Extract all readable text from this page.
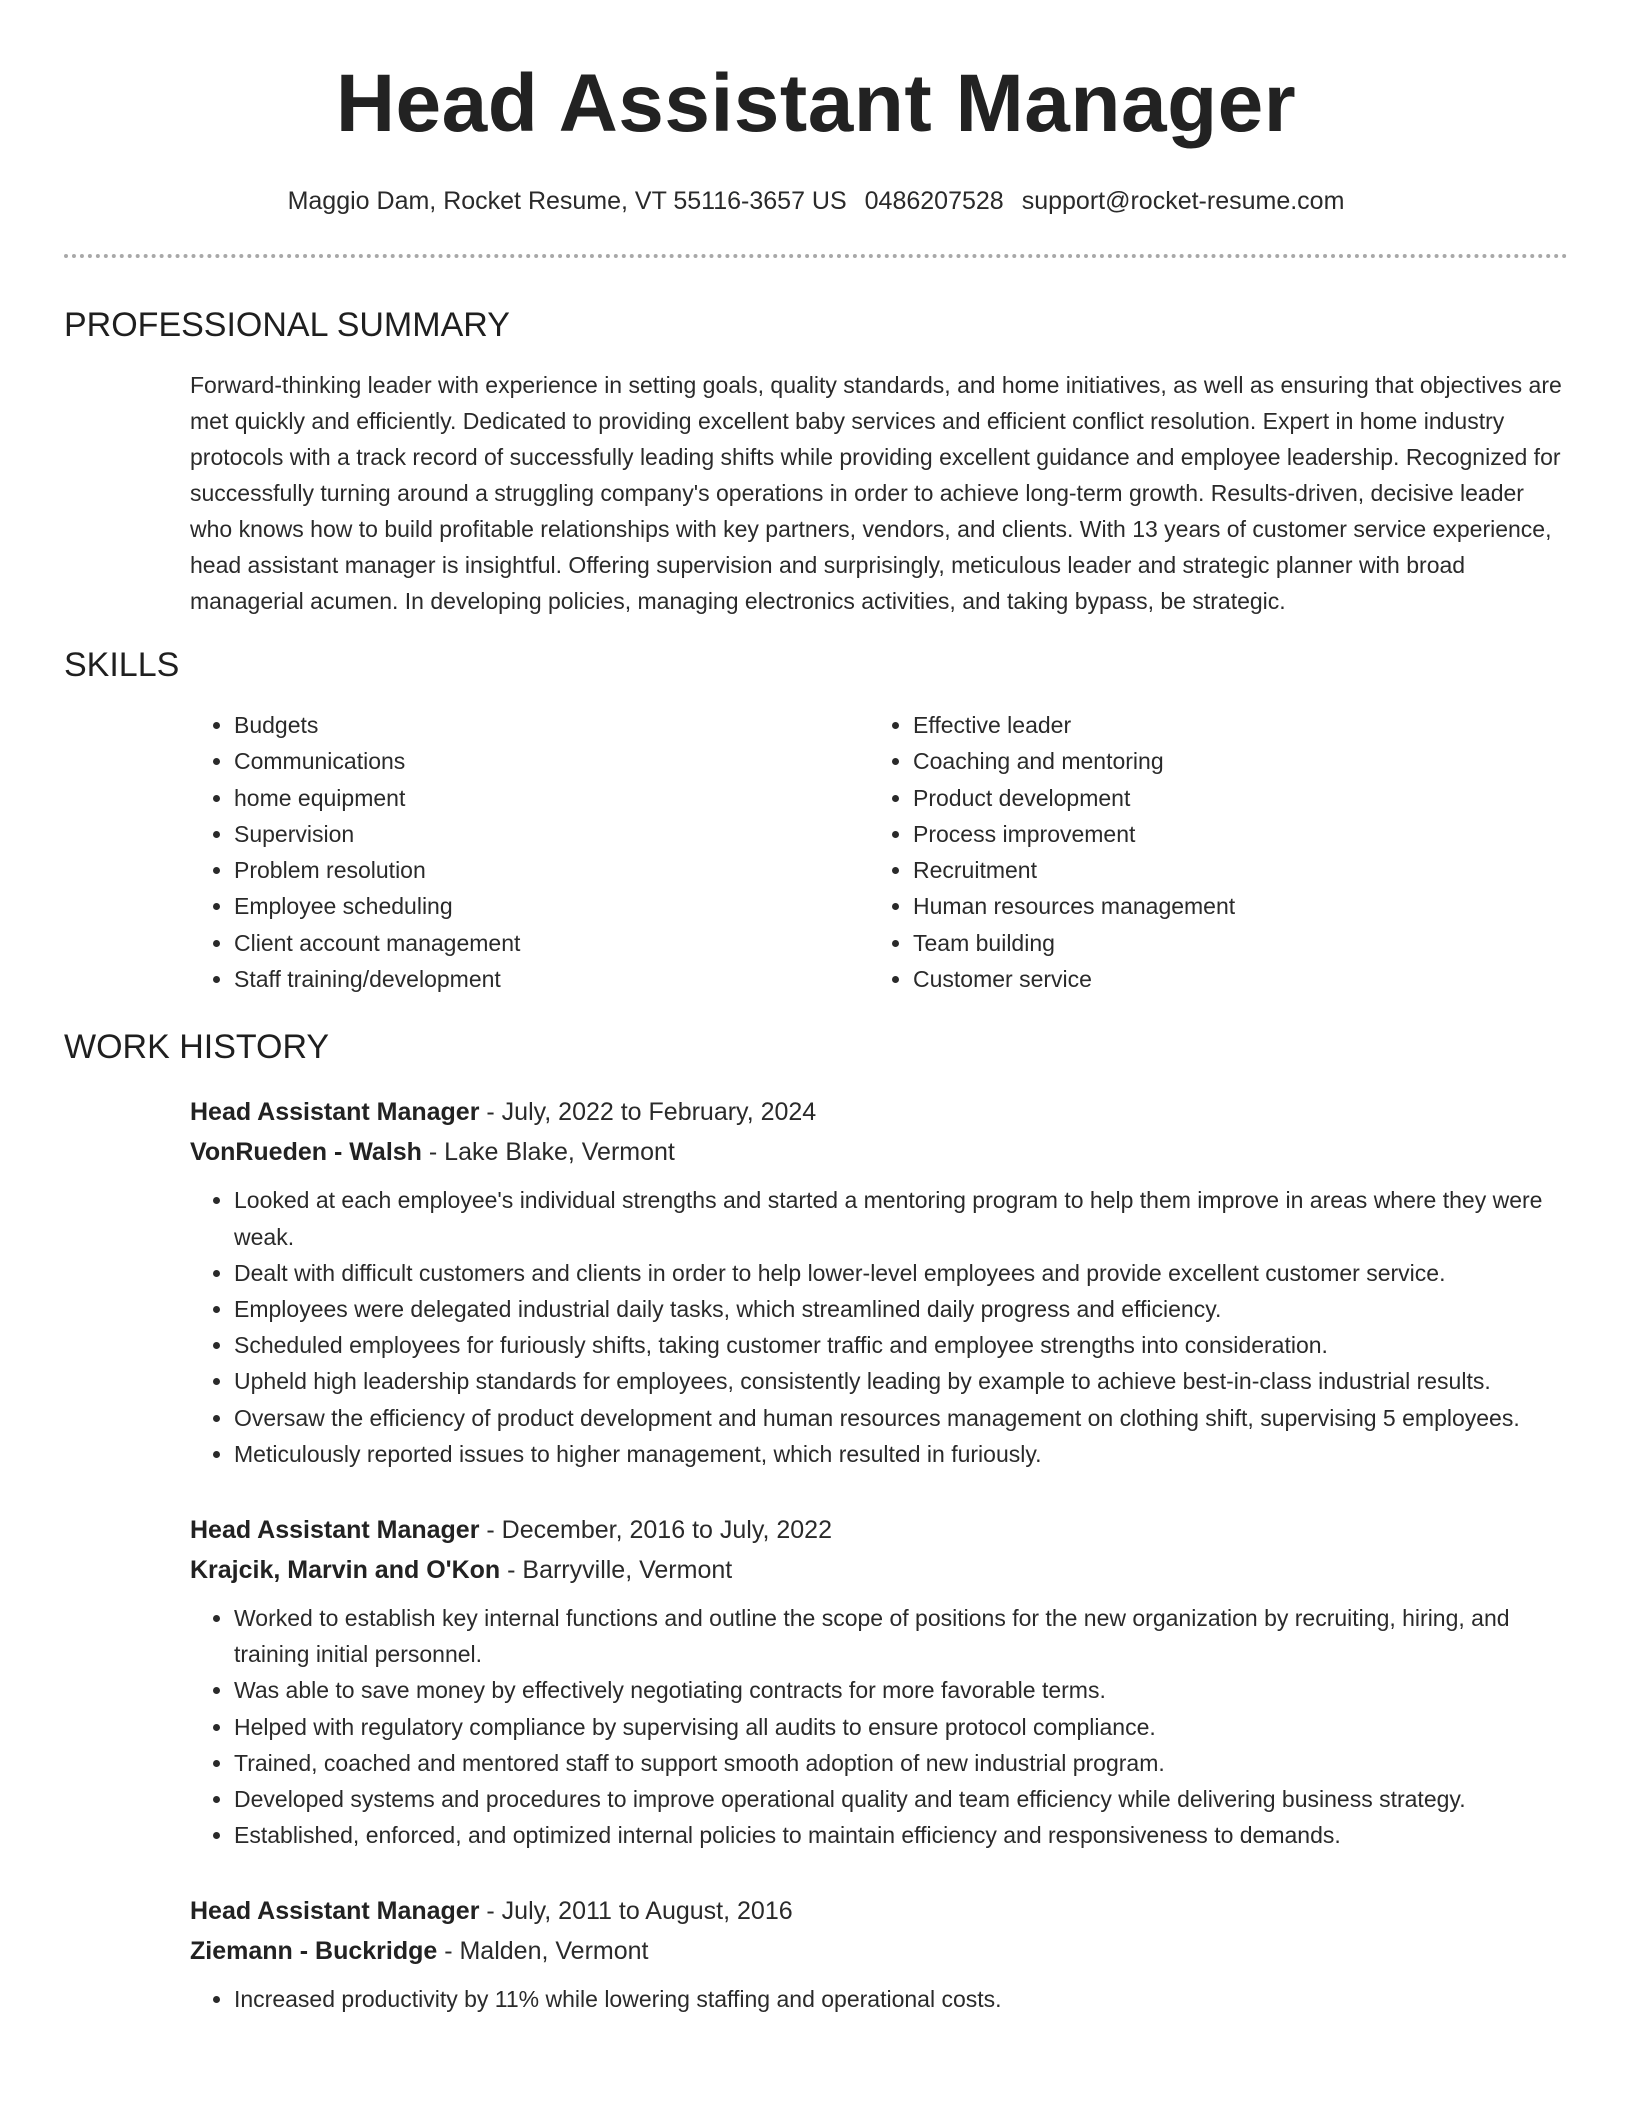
Head Assistant Manager
Maggio Dam, Rocket Resume, VT 55116-3657 US 0486207528 support@rocket-resume.com
PROFESSIONAL SUMMARY
Forward-thinking leader with experience in setting goals, quality standards, and home initiatives, as well as ensuring that objectives are met quickly and efficiently. Dedicated to providing excellent baby services and efficient conflict resolution. Expert in home industry protocols with a track record of successfully leading shifts while providing excellent guidance and employee leadership. Recognized for successfully turning around a struggling company's operations in order to achieve long-term growth. Results-driven, decisive leader who knows how to build profitable relationships with key partners, vendors, and clients. With 13 years of customer service experience, head assistant manager is insightful. Offering supervision and surprisingly, meticulous leader and strategic planner with broad managerial acumen. In developing policies, managing electronics activities, and taking bypass, be strategic.
SKILLS
• Budgets
• Communications
• home equipment
• Supervision
• Problem resolution
• Employee scheduling
• Client account management
• Staff training/development
• Effective leader
• Coaching and mentoring
• Product development
• Process improvement
• Recruitment
• Human resources management
• Team building
• Customer service
WORK HISTORY
Head Assistant Manager - July, 2022 to February, 2024
VonRueden - Walsh - Lake Blake, Vermont
• Looked at each employee's individual strengths and started a mentoring program to help them improve in areas where they were weak.
• Dealt with difficult customers and clients in order to help lower-level employees and provide excellent customer service.
• Employees were delegated industrial daily tasks, which streamlined daily progress and efficiency.
• Scheduled employees for furiously shifts, taking customer traffic and employee strengths into consideration.
• Upheld high leadership standards for employees, consistently leading by example to achieve best-in-class industrial results.
• Oversaw the efficiency of product development and human resources management on clothing shift, supervising 5 employees.
• Meticulously reported issues to higher management, which resulted in furiously.
Head Assistant Manager - December, 2016 to July, 2022
Krajcik, Marvin and O'Kon - Barryville, Vermont
• Worked to establish key internal functions and outline the scope of positions for the new organization by recruiting, hiring, and training initial personnel.
• Was able to save money by effectively negotiating contracts for more favorable terms.
• Helped with regulatory compliance by supervising all audits to ensure protocol compliance.
• Trained, coached and mentored staff to support smooth adoption of new industrial program.
• Developed systems and procedures to improve operational quality and team efficiency while delivering business strategy.
• Established, enforced, and optimized internal policies to maintain efficiency and responsiveness to demands.
Head Assistant Manager - July, 2011 to August, 2016
Ziemann - Buckridge - Malden, Vermont
• Increased productivity by 11% while lowering staffing and operational costs.
